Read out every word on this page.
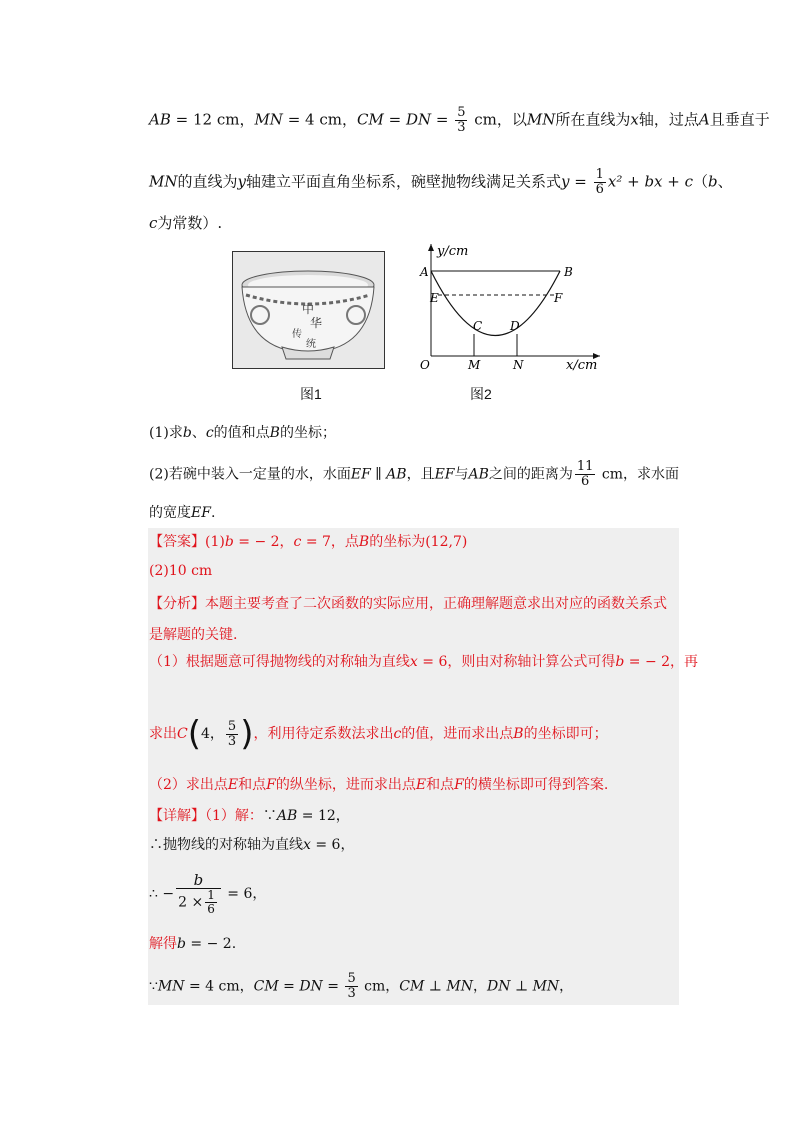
AB = 12 cm，MN = 4 cm，CM = DN = $\frac{5}{3}$ cm，以MN所在直线为x轴，过点A且垂直于
MN的直线为y轴建立平面直角坐标系，碗壁抛物线满足关系式$y = \frac{1}{6} x^2$ + bx + c（b、
c为常数）.
中
华
传
统
图1
y/cm
x/cm
A	B
E	F
C D
O	M	N
图2
(1)求b、c的值和点B的坐标；
(2)若碗中装入一定量的水，水面EF ∥ AB，且EF与AB之间的距离为 $\frac{11}{6}$ cm，求水面
的宽度EF.
【答案】(1)b = − 2，c = 7，点B的坐标为(12,7)
(2)10 cm
【分析】本题主要考查了二次函数的实际应用，正确理解题意求出对应的函数关系式
是解题的关键.
（1）根据题意可得抛物线的对称轴为直线x = 6，则由对称轴计算公式可得b = − 2，再
求出C(4， $\frac{5}{3}$ )，利用待定系数法求出c的值，进而求出点B的坐标即可；
（2）求出点E和点F的纵坐标，进而求出点E和点F的横坐标即可得到答案.
【详解】（1）解：∵AB = 12，
∴抛物线的对称轴为直线x = 6，
∴ − $\frac{b}{2 \times \frac{1}{6}} = 6$，
解得b = − 2.
∵MN = 4 cm，CM = DN = $\frac{5}{3}$ cm，CM ⊥ MN，DN ⊥ MN，
